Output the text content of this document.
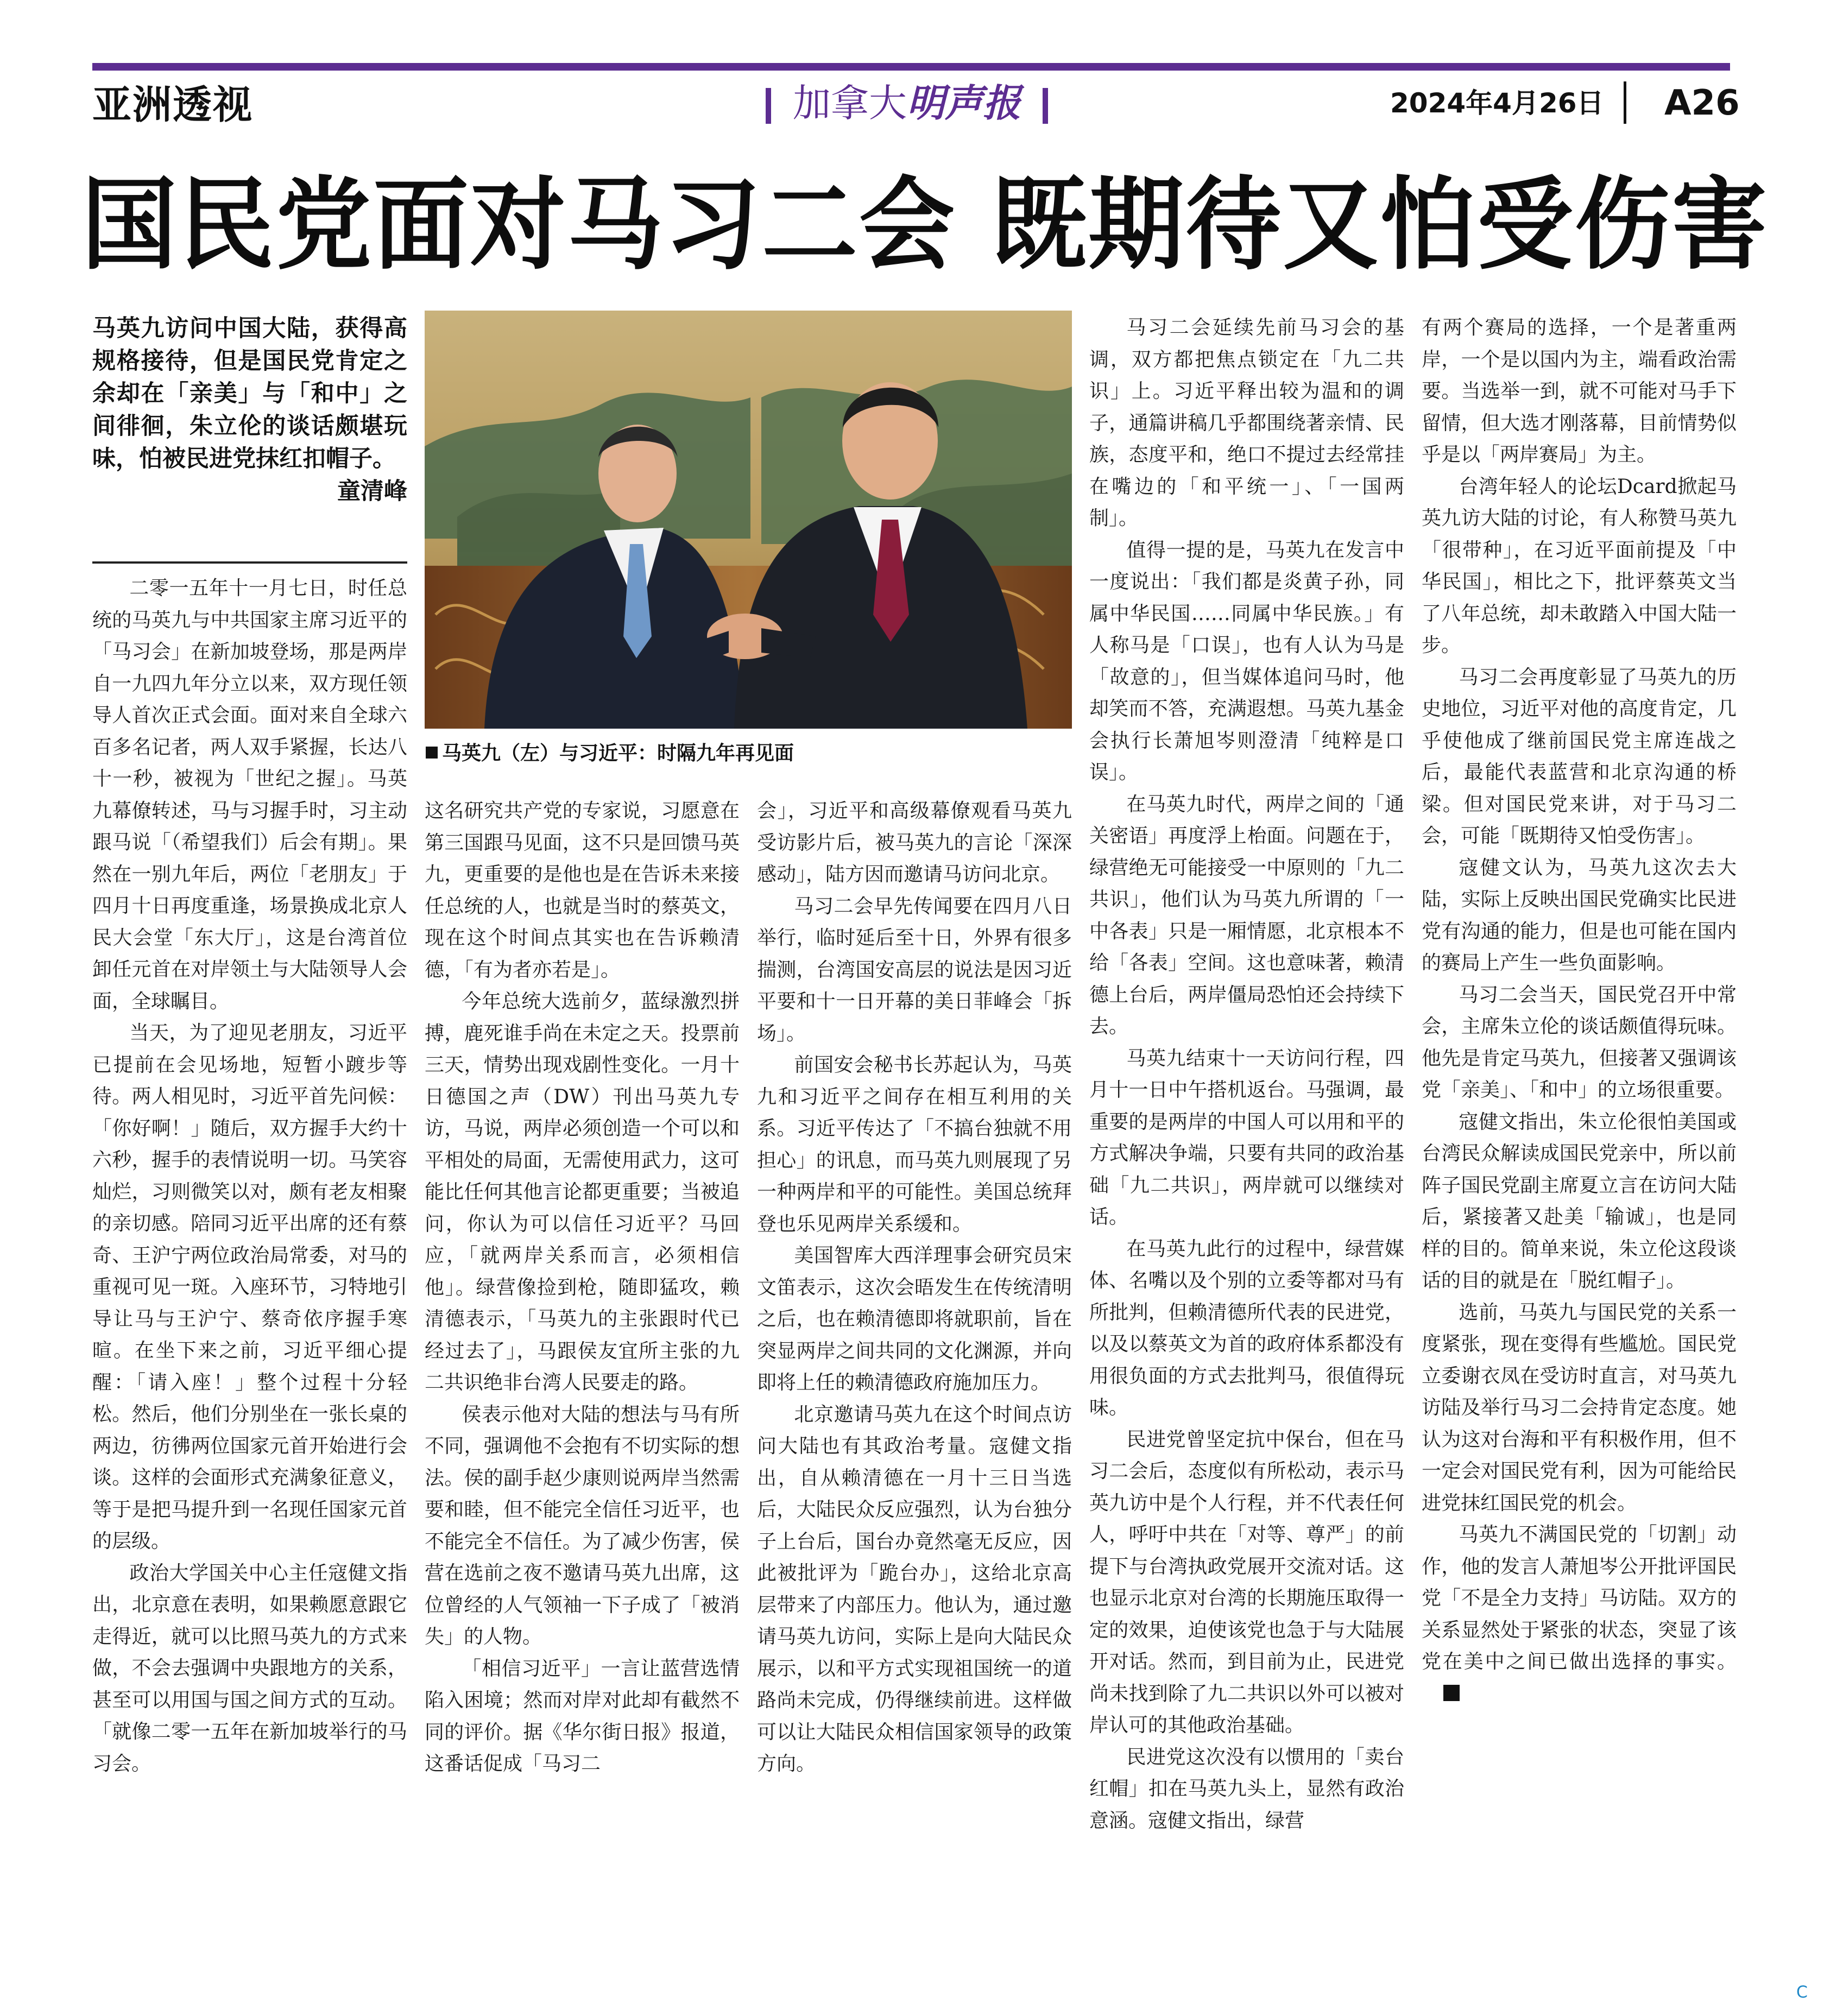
亚洲透视	加拿大明声报	2024年4月26日 A26
国民党面对马习二会 既期待又怕受伤害
马英九访问中国大陆，获得高规格接待，但是国民党肯定之余却在「亲美」与「和中」之间徘徊，朱立伦的谈话颇堪玩味，怕被民进党抹红扣帽子。
童清峰
马英九（左）与习近平：时隔九年再见面

二零一五年十一月七日，时任总统的马英九与中共国家主席习近平的「马习会」在新加坡登场，那是两岸自一九四九年分立以来，双方现任领导人首次正式会面。面对来自全球六百多名记者，两人双手紧握，长达八十一秒，被视为「世纪之握」。马英九幕僚转述，马与习握手时，习主动跟马说「（希望我们）后会有期」。果然在一别九年后，两位「老朋友」于四月十日再度重逢，场景换成北京人民大会堂「东大厅」，这是台湾首位卸任元首在对岸领土与大陆领导人会面，全球瞩目。

当天，为了迎见老朋友，习近平已提前在会见场地，短暂小踱步等待。两人相见时，习近平首先问候：「你好啊！」随后，双方握手大约十六秒，握手的表情说明一切。马笑容灿烂，习则微笑以对，颇有老友相聚的亲切感。陪同习近平出席的还有蔡奇、王沪宁两位政治局常委，对马的重视可见一斑。入座环节，习特地引导让马与王沪宁、蔡奇依序握手寒暄。在坐下来之前，习近平细心提醒：「请入座！」整个过程十分轻松。然后，他们分别坐在一张长桌的两边，彷彿两位国家元首开始进行会谈。这样的会面形式充满象征意义，等于是把马提升到一名现任国家元首的层级。

政治大学国关中心主任寇健文指出，北京意在表明，如果赖愿意跟它走得近，就可以比照马英九的方式来做，不会去强调中央跟地方的关系，甚至可以用国与国之间方式的互动。「就像二零一五年在新加坡举行的马习会。

这名研究共产党的专家说，习愿意在第三国跟马见面，这不只是回馈马英九，更重要的是他也是在告诉未来接任总统的人，也就是当时的蔡英文，现在这个时间点其实也在告诉赖清德，「有为者亦若是」。

今年总统大选前夕，蓝绿激烈拼搏，鹿死谁手尚在未定之天。投票前三天，情势出现戏剧性变化。一月十日德国之声（DW）刊出马英九专访，马说，两岸必须创造一个可以和平相处的局面，无需使用武力，这可能比任何其他言论都更重要；当被追问，你认为可以信任习近平？马回应，「就两岸关系而言，必须相信他」。绿营像捡到枪，随即猛攻，赖清德表示，「马英九的主张跟时代已经过去了」，马跟侯友宜所主张的九二共识绝非台湾人民要走的路。

侯表示他对大陆的想法与马有所不同，强调他不会抱有不切实际的想法。侯的副手赵少康则说两岸当然需要和睦，但不能完全信任习近平，也不能完全不信任。为了减少伤害，侯营在选前之夜不邀请马英九出席，这位曾经的人气领袖一下子成了「被消失」的人物。

「相信习近平」一言让蓝营选情陷入困境；然而对岸对此却有截然不同的评价。据《华尔街日报》报道，这番话促成「马习二

会」，习近平和高级幕僚观看马英九受访影片后，被马英九的言论「深深感动」，陆方因而邀请马访问北京。

马习二会早先传闻要在四月八日举行，临时延后至十日，外界有很多揣测，台湾国安高层的说法是因习近平要和十一日开幕的美日菲峰会「拆场」。

前国安会秘书长苏起认为，马英九和习近平之间存在相互利用的关系。习近平传达了「不搞台独就不用担心」的讯息，而马英九则展现了另一种两岸和平的可能性。美国总统拜登也乐见两岸关系缓和。

美国智库大西洋理事会研究员宋文笛表示，这次会晤发生在传统清明之后，也在赖清德即将就职前，旨在突显两岸之间共同的文化渊源，并向即将上任的赖清德政府施加压力。

北京邀请马英九在这个时间点访问大陆也有其政治考量。寇健文指出，自从赖清德在一月十三日当选后，大陆民众反应强烈，认为台独分子上台后，国台办竟然毫无反应，因此被批评为「跪台办」，这给北京高层带来了内部压力。他认为，通过邀请马英九访问，实际上是向大陆民众展示，以和平方式实现祖国统一的道路尚未完成，仍得继续前进。这样做可以让大陆民众相信国家领导的政策方向。

马习二会延续先前马习会的基调，双方都把焦点锁定在「九二共识」上。习近平释出较为温和的调子，通篇讲稿几乎都围绕著亲情、民族，态度平和，绝口不提过去经常挂在嘴边的「和平统一」、「一国两制」。

值得一提的是，马英九在发言中一度说出：「我们都是炎黄子孙，同属中华民国……同属中华民族。」有人称马是「口误」，也有人认为马是「故意的」，但当媒体追问马时，他却笑而不答，充满遐想。马英九基金会执行长萧旭岑则澄清「纯粹是口误」。

在马英九时代，两岸之间的「通关密语」再度浮上枱面。问题在于，绿营绝无可能接受一中原则的「九二共识」，他们认为马英九所谓的「一中各表」只是一厢情愿，北京根本不给「各表」空间。这也意味著，赖清德上台后，两岸僵局恐怕还会持续下去。

马英九结束十一天访问行程，四月十一日中午搭机返台。马强调，最重要的是两岸的中国人可以用和平的方式解决争端，只要有共同的政治基础「九二共识」，两岸就可以继续对话。

在马英九此行的过程中，绿营媒体、名嘴以及个别的立委等都对马有所批判，但赖清德所代表的民进党，以及以蔡英文为首的政府体系都没有用很负面的方式去批判马，很值得玩味。

民进党曾坚定抗中保台，但在马习二会后，态度似有所松动，表示马英九访中是个人行程，并不代表任何人，呼吁中共在「对等、尊严」的前提下与台湾执政党展开交流对话。这也显示北京对台湾的长期施压取得一定的效果，迫使该党也急于与大陆展开对话。然而，到目前为止，民进党尚未找到除了九二共识以外可以被对岸认可的其他政治基础。

民进党这次没有以惯用的「卖台红帽」扣在马英九头上，显然有政治意涵。寇健文指出，绿营

有两个赛局的选择，一个是著重两岸，一个是以国内为主，端看政治需要。当选举一到，就不可能对马手下留情，但大选才刚落幕，目前情势似乎是以「两岸赛局」为主。

台湾年轻人的论坛Dcard掀起马英九访大陆的讨论，有人称赞马英九「很带种」，在习近平面前提及「中华民国」，相比之下，批评蔡英文当了八年总统，却未敢踏入中国大陆一步。

马习二会再度彰显了马英九的历史地位，习近平对他的高度肯定，几乎使他成了继前国民党主席连战之后，最能代表蓝营和北京沟通的桥梁。但对国民党来讲，对于马习二会，可能「既期待又怕受伤害」。

寇健文认为，马英九这次去大陆，实际上反映出国民党确实比民进党有沟通的能力，但是也可能在国内的赛局上产生一些负面影响。

马习二会当天，国民党召开中常会，主席朱立伦的谈话颇值得玩味。他先是肯定马英九，但接著又强调该党「亲美」、「和中」的立场很重要。

寇健文指出，朱立伦很怕美国或台湾民众解读成国民党亲中，所以前阵子国民党副主席夏立言在访问大陆后，紧接著又赴美「输诚」，也是同样的目的。简单来说，朱立伦这段谈话的目的就是在「脱红帽子」。

选前，马英九与国民党的关系一度紧张，现在变得有些尴尬。国民党立委谢衣凤在受访时直言，对马英九访陆及举行马习二会持肯定态度。她认为这对台海和平有积极作用，但不一定会对国民党有利，因为可能给民进党抹红国民党的机会。

马英九不满国民党的「切割」动作，他的发言人萧旭岑公开批评国民党「不是全力支持」马访陆。双方的关系显然处于紧张的状态，突显了该党在美中之间已做出选择的事实。

C
